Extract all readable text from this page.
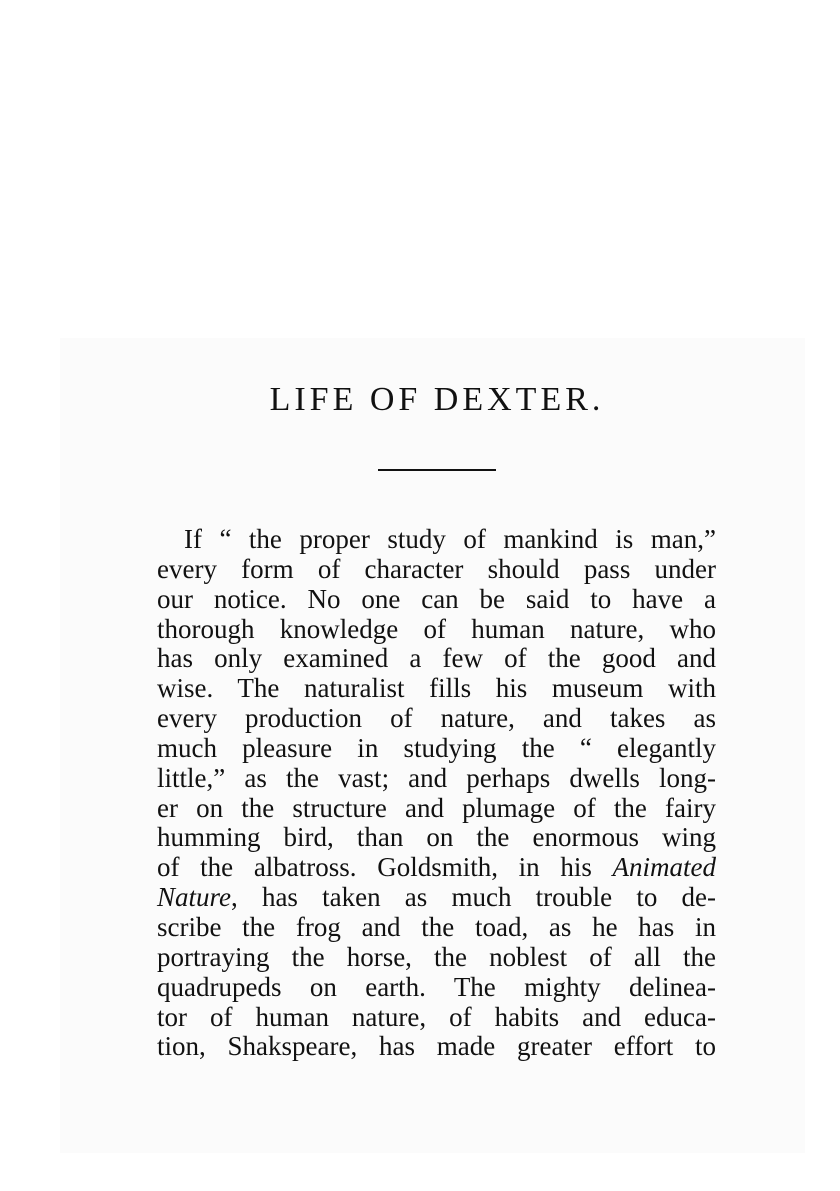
LIFE OF DEXTER.
If “ the proper study of mankind is man,”
every form of character should pass under
our notice. No one can be said to have a
thorough knowledge of human nature, who
has only examined a few of the good and
wise. The naturalist fills his museum with
every production of nature, and takes as
much pleasure in studying the “ elegantly
little,” as the vast; and perhaps dwells long-
er on the structure and plumage of the fairy
humming bird, than on the enormous wing
of the albatross. Goldsmith, in his Animated
Nature, has taken as much trouble to de-
scribe the frog and the toad, as he has in
portraying the horse, the noblest of all the
quadrupeds on earth. The mighty delinea-
tor of human nature, of habits and educa-
tion, Shakspeare, has made greater effort to
